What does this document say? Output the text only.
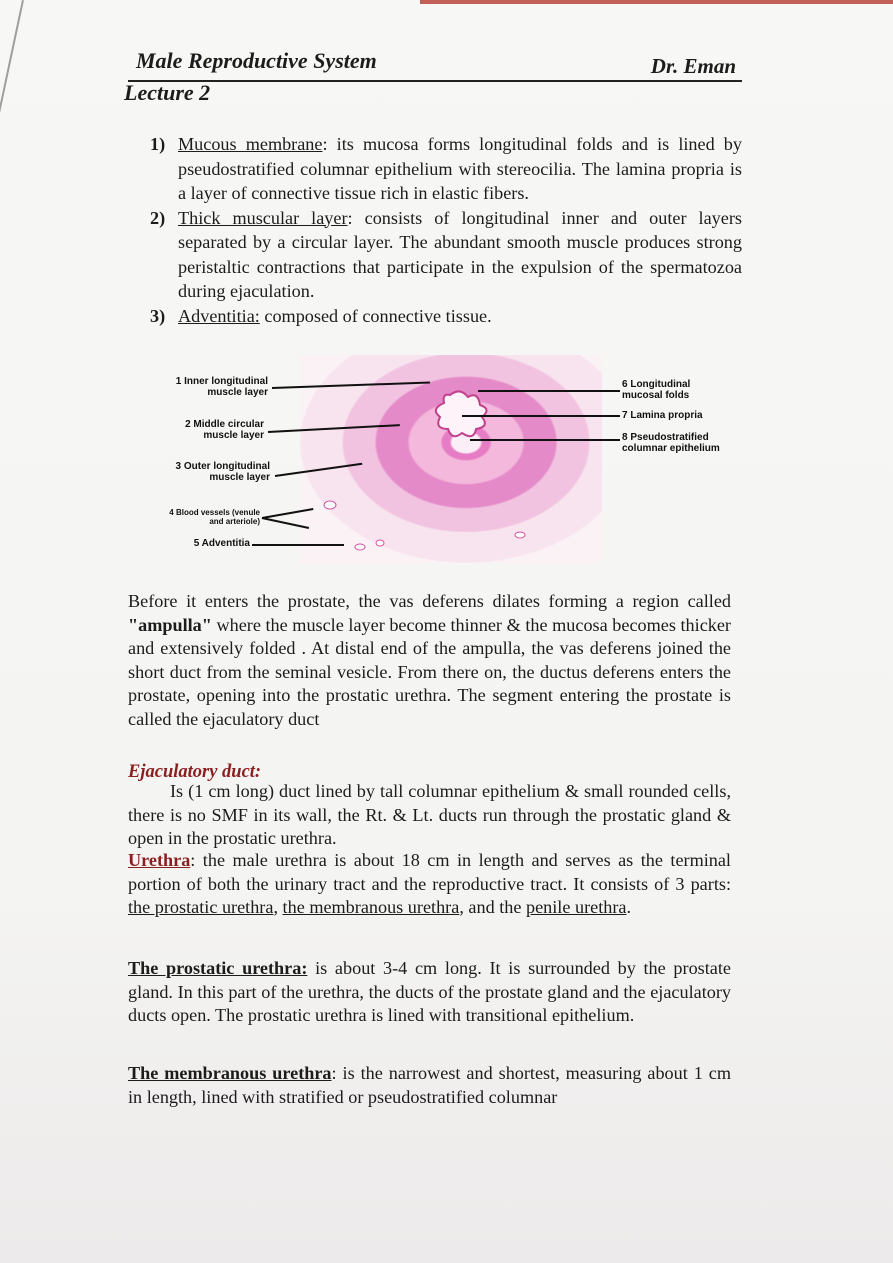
Male Reproductive System	Dr. Eman
Lecture 2
1) Mucous membrane: its mucosa forms longitudinal folds and is lined by pseudostratified columnar epithelium with stereocilia. The lamina propria is a layer of connective tissue rich in elastic fibers.
2) Thick muscular layer: consists of longitudinal inner and outer layers separated by a circular layer. The abundant smooth muscle produces strong peristaltic contractions that participate in the expulsion of the spermatozoa during ejaculation.
3) Adventitia: composed of connective tissue.
1 Inner longitudinal
muscle layer
2 Middle circular
muscle layer
3 Outer longitudinal
muscle layer
4 Blood vessels (venule
and arteriole)
5 Adventitia
6 Longitudinal
mucosal folds
7 Lamina propria
8 Pseudostratified
columnar epithelium
Before it enters the prostate, the vas deferens dilates forming a region called "ampulla" where the muscle layer become thinner & the mucosa becomes thicker and extensively folded . At distal end of the ampulla, the vas deferens joined the short duct from the seminal vesicle. From there on, the ductus deferens enters the prostate, opening into the prostatic urethra. The segment entering the prostate is called the ejaculatory duct
Ejaculatory duct:
Is (1 cm long) duct lined by tall columnar epithelium & small rounded cells, there is no SMF in its wall, the Rt. & Lt. ducts run through the prostatic gland & open in the prostatic urethra.
Urethra: the male urethra is about 18 cm in length and serves as the terminal portion of both the urinary tract and the reproductive tract. It consists of 3 parts: the prostatic urethra, the membranous urethra, and the penile urethra.
The prostatic urethra: is about 3-4 cm long. It is surrounded by the prostate gland. In this part of the urethra, the ducts of the prostate gland and the ejaculatory ducts open. The prostatic urethra is lined with transitional epithelium.
The membranous urethra: is the narrowest and shortest, measuring about 1 cm in length, lined with stratified or pseudostratified columnar
